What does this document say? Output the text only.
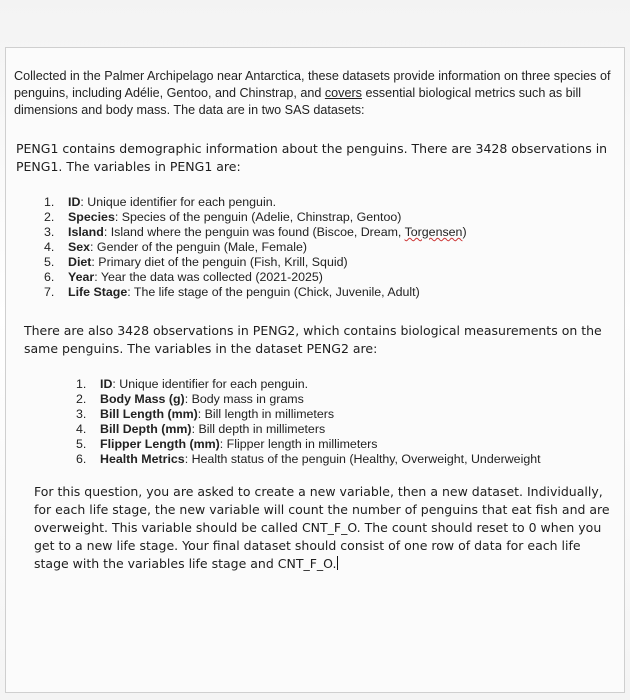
Collected in the Palmer Archipelago near Antarctica, these datasets provide information on three species of penguins, including Adélie, Gentoo, and Chinstrap, and covers essential biological metrics such as bill dimensions and body mass. The data are in two SAS datasets:
PENG1 contains demographic information about the penguins. There are 3428 observations in PENG1. The variables in PENG1 are:
1. ID: Unique identifier for each penguin.
2. Species: Species of the penguin (Adelie, Chinstrap, Gentoo)
3. Island: Island where the penguin was found (Biscoe, Dream, Torgensen)
4. Sex: Gender of the penguin (Male, Female)
5. Diet: Primary diet of the penguin (Fish, Krill, Squid)
6. Year: Year the data was collected (2021-2025)
7. Life Stage: The life stage of the penguin (Chick, Juvenile, Adult)
There are also 3428 observations in PENG2, which contains biological measurements on the same penguins. The variables in the dataset PENG2 are:
1. ID: Unique identifier for each penguin.
2. Body Mass (g): Body mass in grams
3. Bill Length (mm): Bill length in millimeters
4. Bill Depth (mm): Bill depth in millimeters
5. Flipper Length (mm): Flipper length in millimeters
6. Health Metrics: Health status of the penguin (Healthy, Overweight, Underweight
For this question, you are asked to create a new variable, then a new dataset. Individually, for each life stage, the new variable will count the number of penguins that eat fish and are overweight. This variable should be called CNT_F_O. The count should reset to 0 when you get to a new life stage. Your final dataset should consist of one row of data for each life stage with the variables life stage and CNT_F_O.
